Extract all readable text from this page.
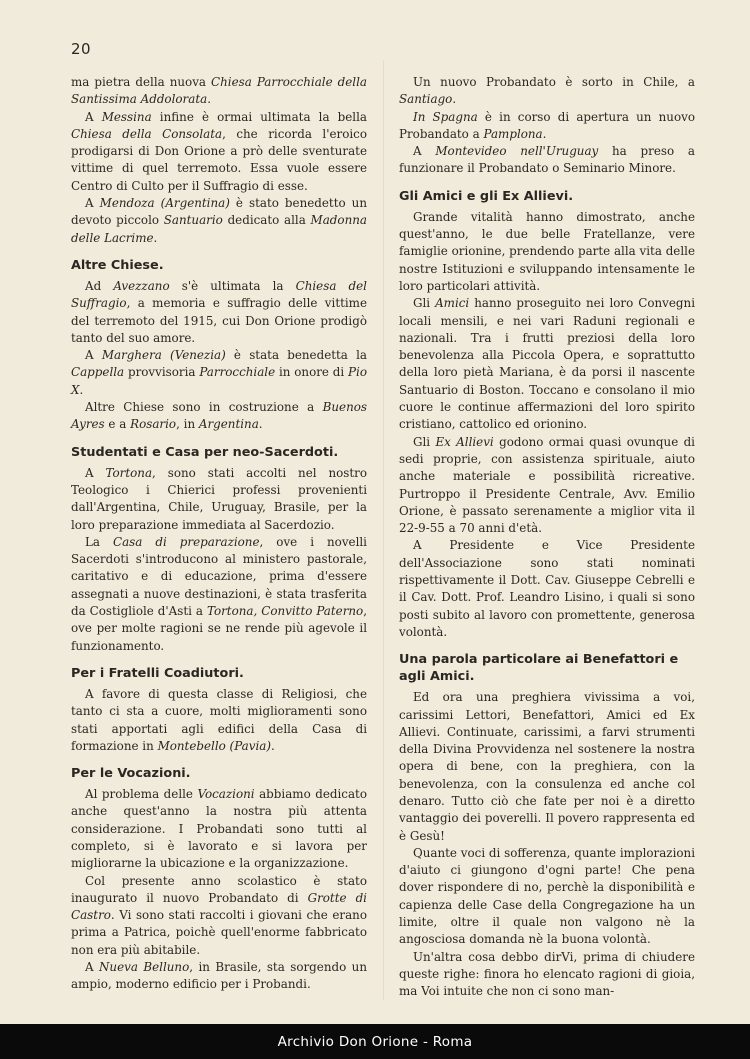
20

ma pietra della nuova Chiesa Parrocchiale della Santissima Addolorata.

A Messina infine è ormai ultimata la bella Chiesa della Consolata, che ricorda l'eroico prodigarsi di Don Orione a prò delle sventurate vittime di quel terremoto. Essa vuole essere Centro di Culto per il Suffragio di esse.

A Mendoza (Argentina) è stato benedetto un devoto piccolo Santuario dedicato alla Madonna delle Lacrime.

Altre Chiese.

Ad Avezzano s'è ultimata la Chiesa del Suffragio, a memoria e suffragio delle vittime del terremoto del 1915, cui Don Orione prodigò tanto del suo amore.

A Marghera (Venezia) è stata benedetta la Cappella provvisoria Parrocchiale in onore di Pio X.

Altre Chiese sono in costruzione a Buenos Ayres e a Rosario, in Argentina.

Studentati e Casa per neo-Sacerdoti.

A Tortona, sono stati accolti nel nostro Teologico i Chierici professi provenienti dall'Argentina, Chile, Uruguay, Brasile, per la loro preparazione immediata al Sacerdozio.

La Casa di preparazione, ove i novelli Sacerdoti s'introducono al ministero pastorale, caritativo e di educazione, prima d'essere assegnati a nuove destinazioni, è stata trasferita da Costigliole d'Asti a Tortona, Convitto Paterno, ove per molte ragioni se ne rende più agevole il funzionamento.

Per i Fratelli Coadiutori.

A favore di questa classe di Religiosi, che tanto ci sta a cuore, molti miglioramenti sono stati apportati agli edifici della Casa di formazione in Montebello (Pavia).

Per le Vocazioni.

Al problema delle Vocazioni abbiamo dedicato anche quest'anno la nostra più attenta considerazione. I Probandati sono tutti al completo, si è lavorato e si lavora per migliorarne la ubicazione e la organizzazione.

Col presente anno scolastico è stato inaugurato il nuovo Probandato di Grotte di Castro. Vi sono stati raccolti i giovani che erano prima a Patrica, poichè quell'enorme fabbricato non era più abitabile.

A Nueva Belluno, in Brasile, sta sorgendo un ampio, moderno edificio per i Probandi.

Un nuovo Probandato è sorto in Chile, a Santiago.

In Spagna è in corso di apertura un nuovo Probandato a Pamplona.

A Montevideo nell'Uruguay ha preso a funzionare il Probandato o Seminario Minore.

Gli Amici e gli Ex Allievi.

Grande vitalità hanno dimostrato, anche quest'anno, le due belle Fratellanze, vere famiglie orionine, prendendo parte alla vita delle nostre Istituzioni e sviluppando intensamente le loro particolari attività.

Gli Amici hanno proseguito nei loro Convegni locali mensili, e nei vari Raduni regionali e nazionali. Tra i frutti preziosi della loro benevolenza alla Piccola Opera, e soprattutto della loro pietà Mariana, è da porsi il nascente Santuario di Boston. Toccano e consolano il mio cuore le continue affermazioni del loro spirito cristiano, cattolico ed orionino.

Gli Ex Allievi godono ormai quasi ovunque di sedi proprie, con assistenza spirituale, aiuto anche materiale e possibilità ricreative. Purtroppo il Presidente Centrale, Avv. Emilio Orione, è passato serenamente a miglior vita il 22-9-55 a 70 anni d'età.

A Presidente e Vice Presidente dell'Associazione sono stati nominati rispettivamente il Dott. Cav. Giuseppe Cebrelli e il Cav. Dott. Prof. Leandro Lisino, i quali si sono posti subito al lavoro con promettente, generosa volontà.

Una parola particolare ai Benefattori e agli Amici.

Ed ora una preghiera vivissima a voi, carissimi Lettori, Benefattori, Amici ed Ex Allievi. Continuate, carissimi, a farvi strumenti della Divina Provvidenza nel sostenere la nostra opera di bene, con la preghiera, con la benevolenza, con la consulenza ed anche col denaro. Tutto ciò che fate per noi è a diretto vantaggio dei poverelli. Il povero rappresenta ed è Gesù!

Quante voci di sofferenza, quante implorazioni d'aiuto ci giungono d'ogni parte! Che pena dover rispondere di no, perchè la disponibilità e capienza delle Case della Congregazione ha un limite, oltre il quale non valgono nè la angosciosa domanda nè la buona volontà.

Un'altra cosa debbo dirVi, prima di chiudere queste righe: finora ho elencato ragioni di gioia, ma Voi intuite che non ci sono man-

Archivio Don Orione - Roma
